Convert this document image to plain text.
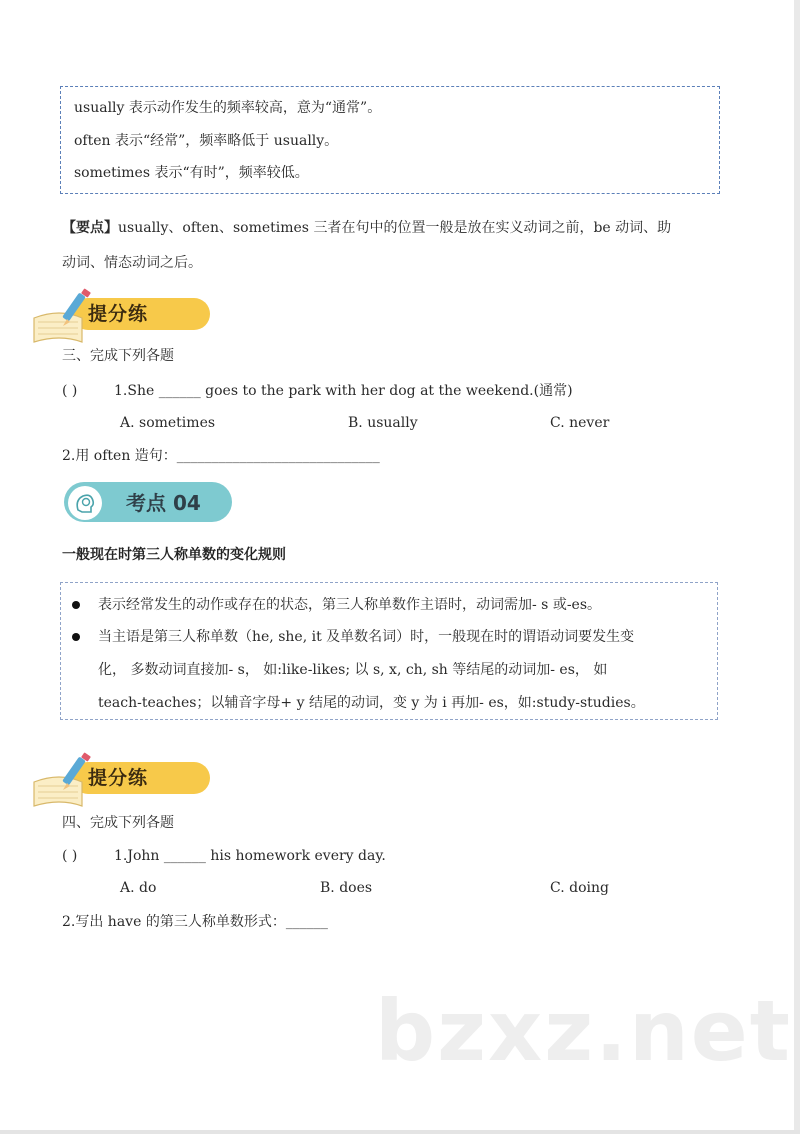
usually 表示动作发生的频率较高，意为“通常”。
often 表示“经常”，频率略低于 usually。
sometimes 表示“有时”，频率较低。
【要点】usually、often、sometimes 三者在句中的位置一般是放在实义动词之前，be 动词、助
动词、情态动词之后。
提分练
三、完成下列各题
( )	1.She ______ goes to the park with her dog at the weekend.(通常)
A. sometimes	B. usually	C. never
2.用 often 造句：_____________________________
考点 04
一般现在时第三人称单数的变化规则
表示经常发生的动作或存在的状态，第三人称单数作主语时，动词需加- s 或-es。
当主语是第三人称单数（he, she, it 及单数名词）时，一般现在时的谓语动词要发生变
化， 多数动词直接加- s， 如:like-likes; 以 s, x, ch, sh 等结尾的动词加- es， 如
teach-teaches；以辅音字母+ y 结尾的动词，变 y 为 i 再加- es，如:study-studies。
提分练
四、完成下列各题
( )	1.John ______ his homework every day.
A. do	B. does	C. doing
2.写出 have 的第三人称单数形式：______
bzxz.net
